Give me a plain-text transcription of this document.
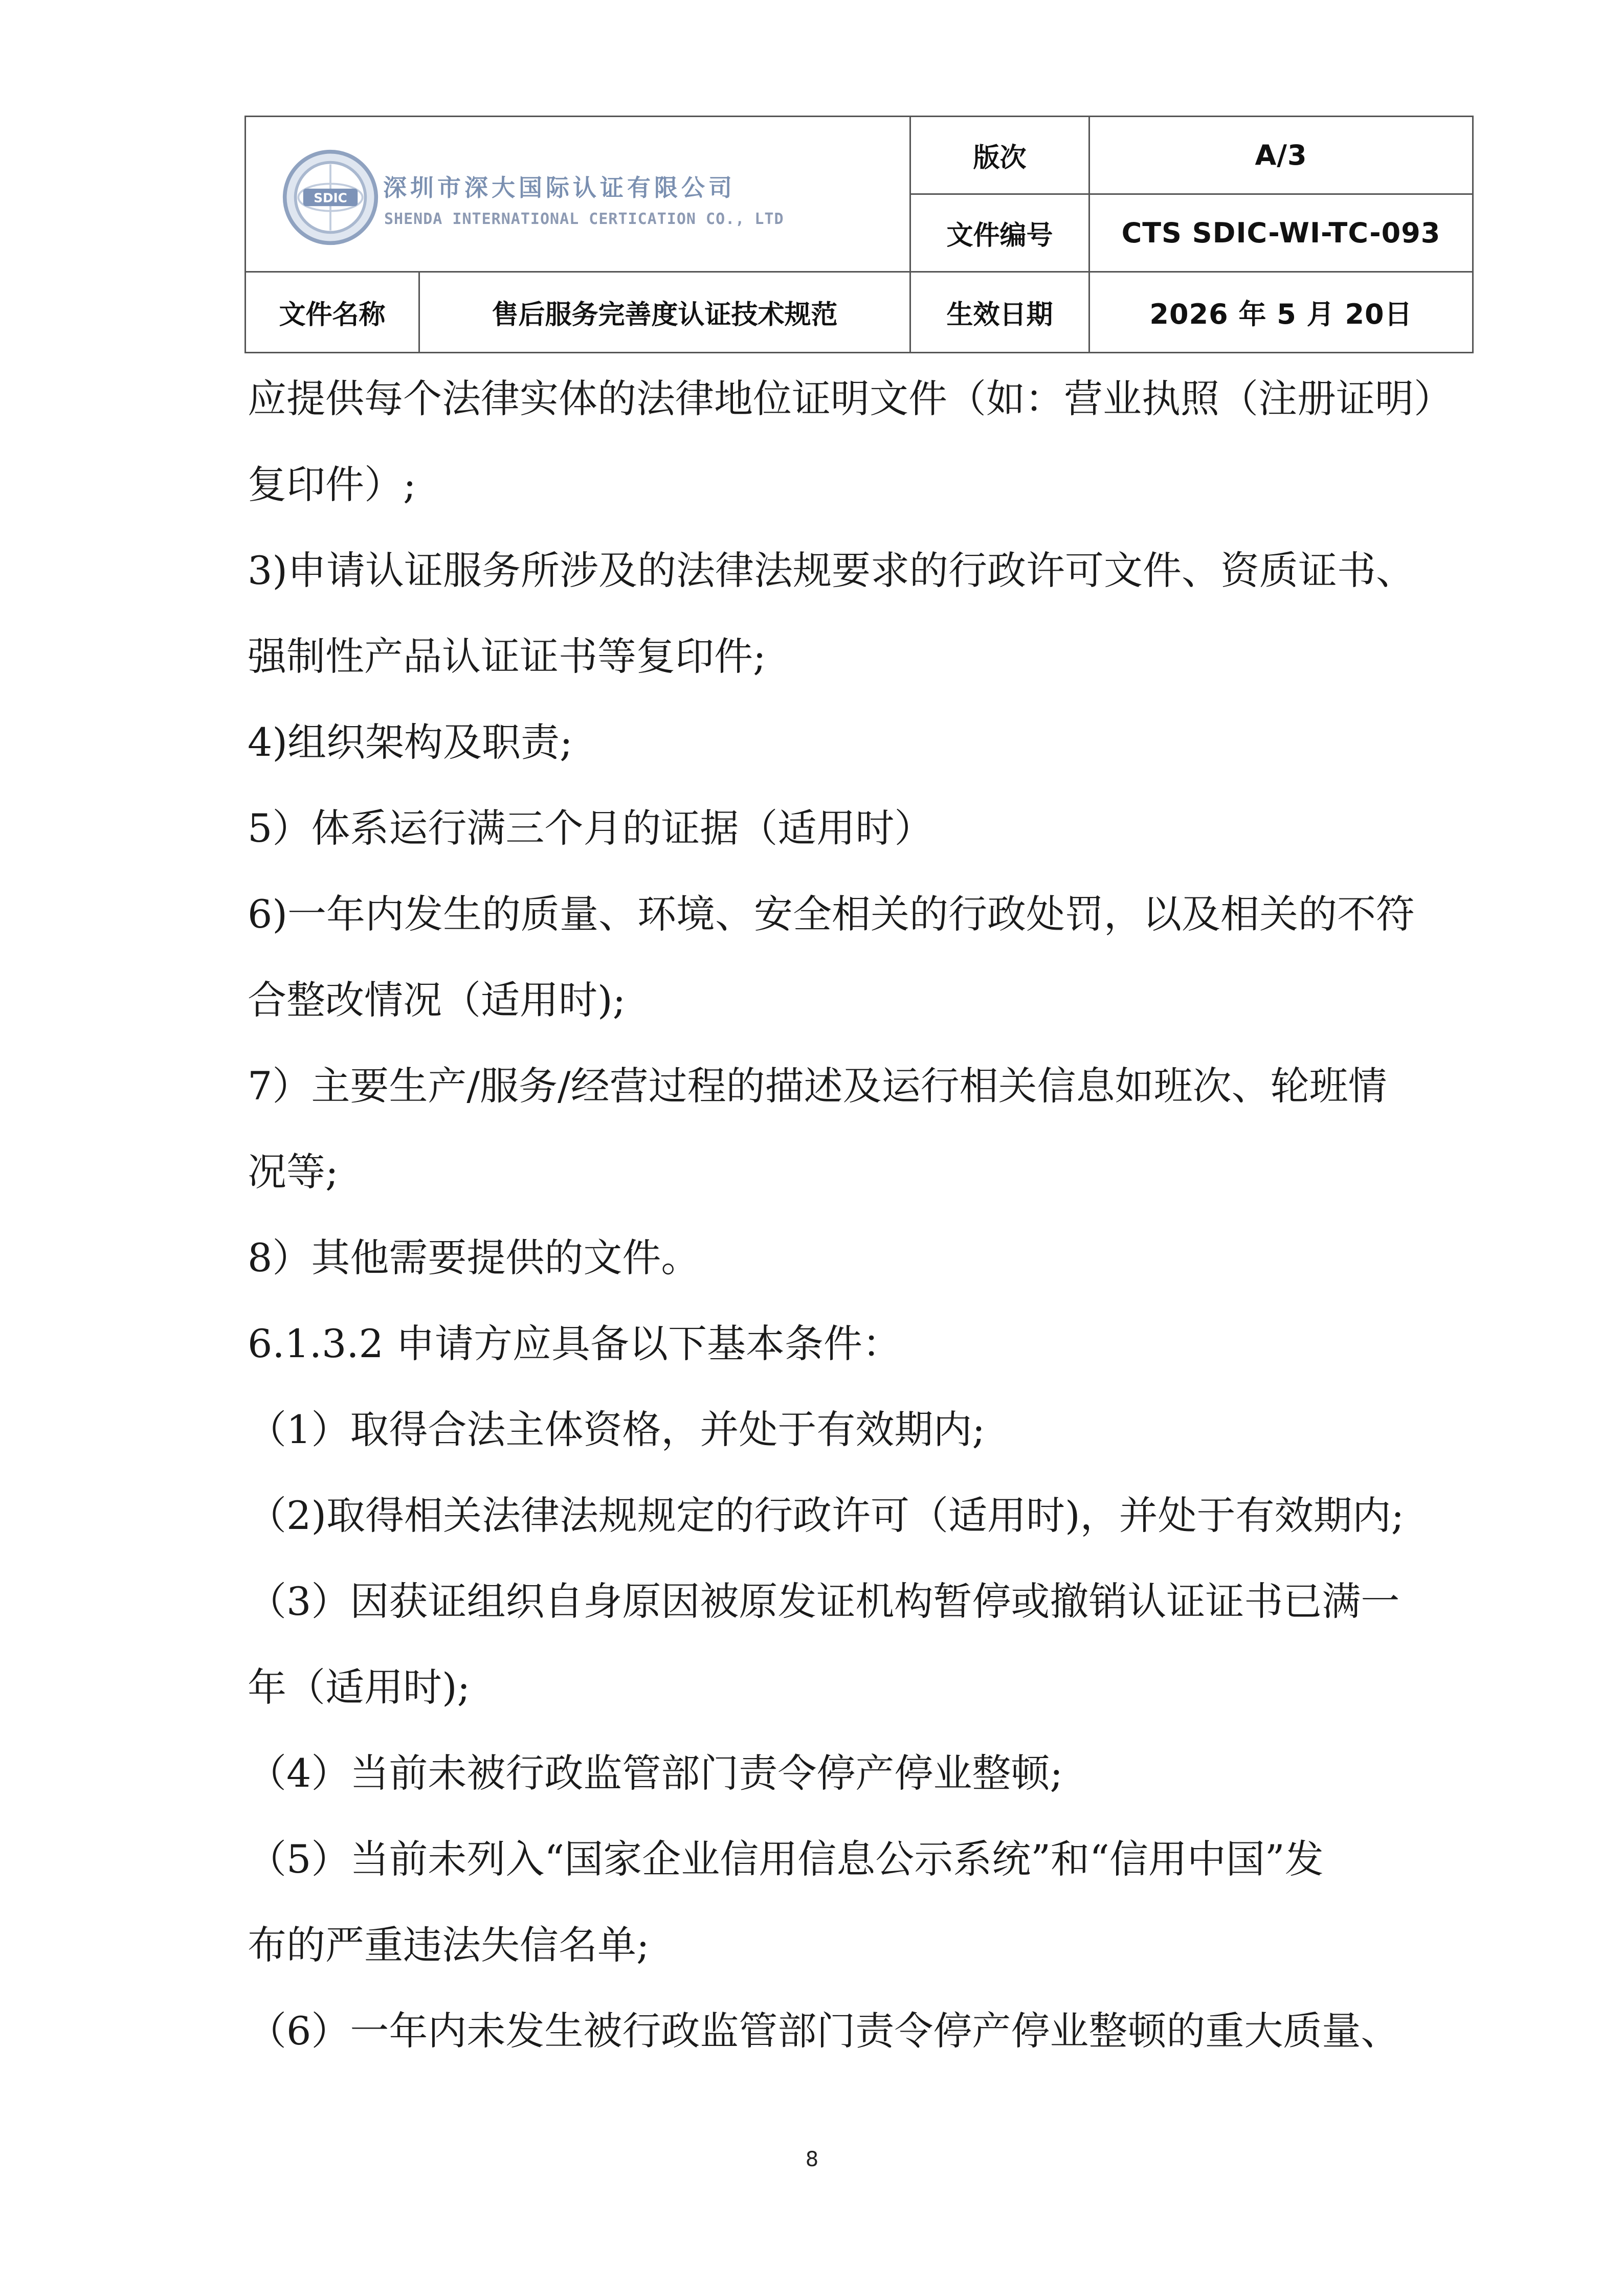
SDIC 深圳市深大国际认证有限公司
SHENDA INTERNATIONAL CERTICATION CO., LTD		版次	A/3
		文件编号	CTS SDIC-WI-TC-093
文件名称	售后服务完善度认证技术规范	生效日期	2026 年 5 月 20日
应提供每个法律实体的法律地位证明文件（如：营业执照（注册证明）
复印件）;
3)申请认证服务所涉及的法律法规要求的行政许可文件、资质证书、
强制性产品认证证书等复印件;
4)组织架构及职责;
5）体系运行满三个月的证据（适用时）
6)一年内发生的质量、环境、安全相关的行政处罚，以及相关的不符
合整改情况（适用时);
7）主要生产/服务/经营过程的描述及运行相关信息如班次、轮班情
况等;
8）其他需要提供的文件。
6.1.3.2 申请方应具备以下基本条件：
（1）取得合法主体资格，并处于有效期内;
（2)取得相关法律法规规定的行政许可（适用时)，并处于有效期内;
（3）因获证组织自身原因被原发证机构暂停或撤销认证证书已满一
年（适用时);
（4）当前未被行政监管部门责令停产停业整顿;
（5）当前未列入“国家企业信用信息公示系统”和“信用中国”发
布的严重违法失信名单;
（6）一年内未发生被行政监管部门责令停产停业整顿的重大质量、
8
